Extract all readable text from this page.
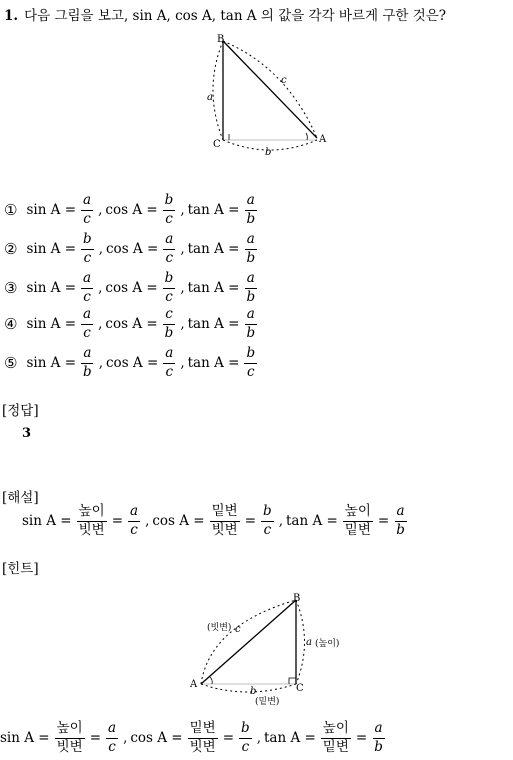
1. 다음 그림을 보고, sin A, cos A, tan A 의 값을 각각 바르게 구한 것은?
B
C	A
a
c
b
① $\sin A = \frac{a}{c}$ , $\cos A = \frac{b}{c}$ , $\tan A = \frac{a}{b}$
② $\sin A = \frac{b}{c}$ , $\cos A = \frac{a}{c}$ , $\tan A = \frac{a}{b}$
③ $\sin A = \frac{a}{c}$ , $\cos A = \frac{b}{c}$ , $\tan A = \frac{a}{b}$
④ $\sin A = \frac{a}{c}$ , $\cos A = \frac{c}{b}$ , $\tan A = \frac{a}{b}$
⑤ $\sin A = \frac{a}{b}$ , $\cos A = \frac{a}{c}$ , $\tan A = \frac{b}{c}$
[정답]
3
[해설]
$\sin A = \frac{\text{높이}}{\text{빗변}} = \frac{a}{c}$ , $\cos A = \frac{\text{밑변}}{\text{빗변}} = \frac{b}{c}$ , $\tan A = \frac{\text{높이}}{\text{밑변}} = \frac{a}{b}$
[힌트]
B
C
A
a (높이)
c
(빗변)
b
(밑변)
$\sin A = \frac{\text{높이}}{\text{빗변}} = \frac{a}{c}$ , $\cos A = \frac{\text{밑변}}{\text{빗변}} = \frac{b}{c}$ , $\tan A = \frac{\text{높이}}{\text{밑변}} = \frac{a}{b}$
